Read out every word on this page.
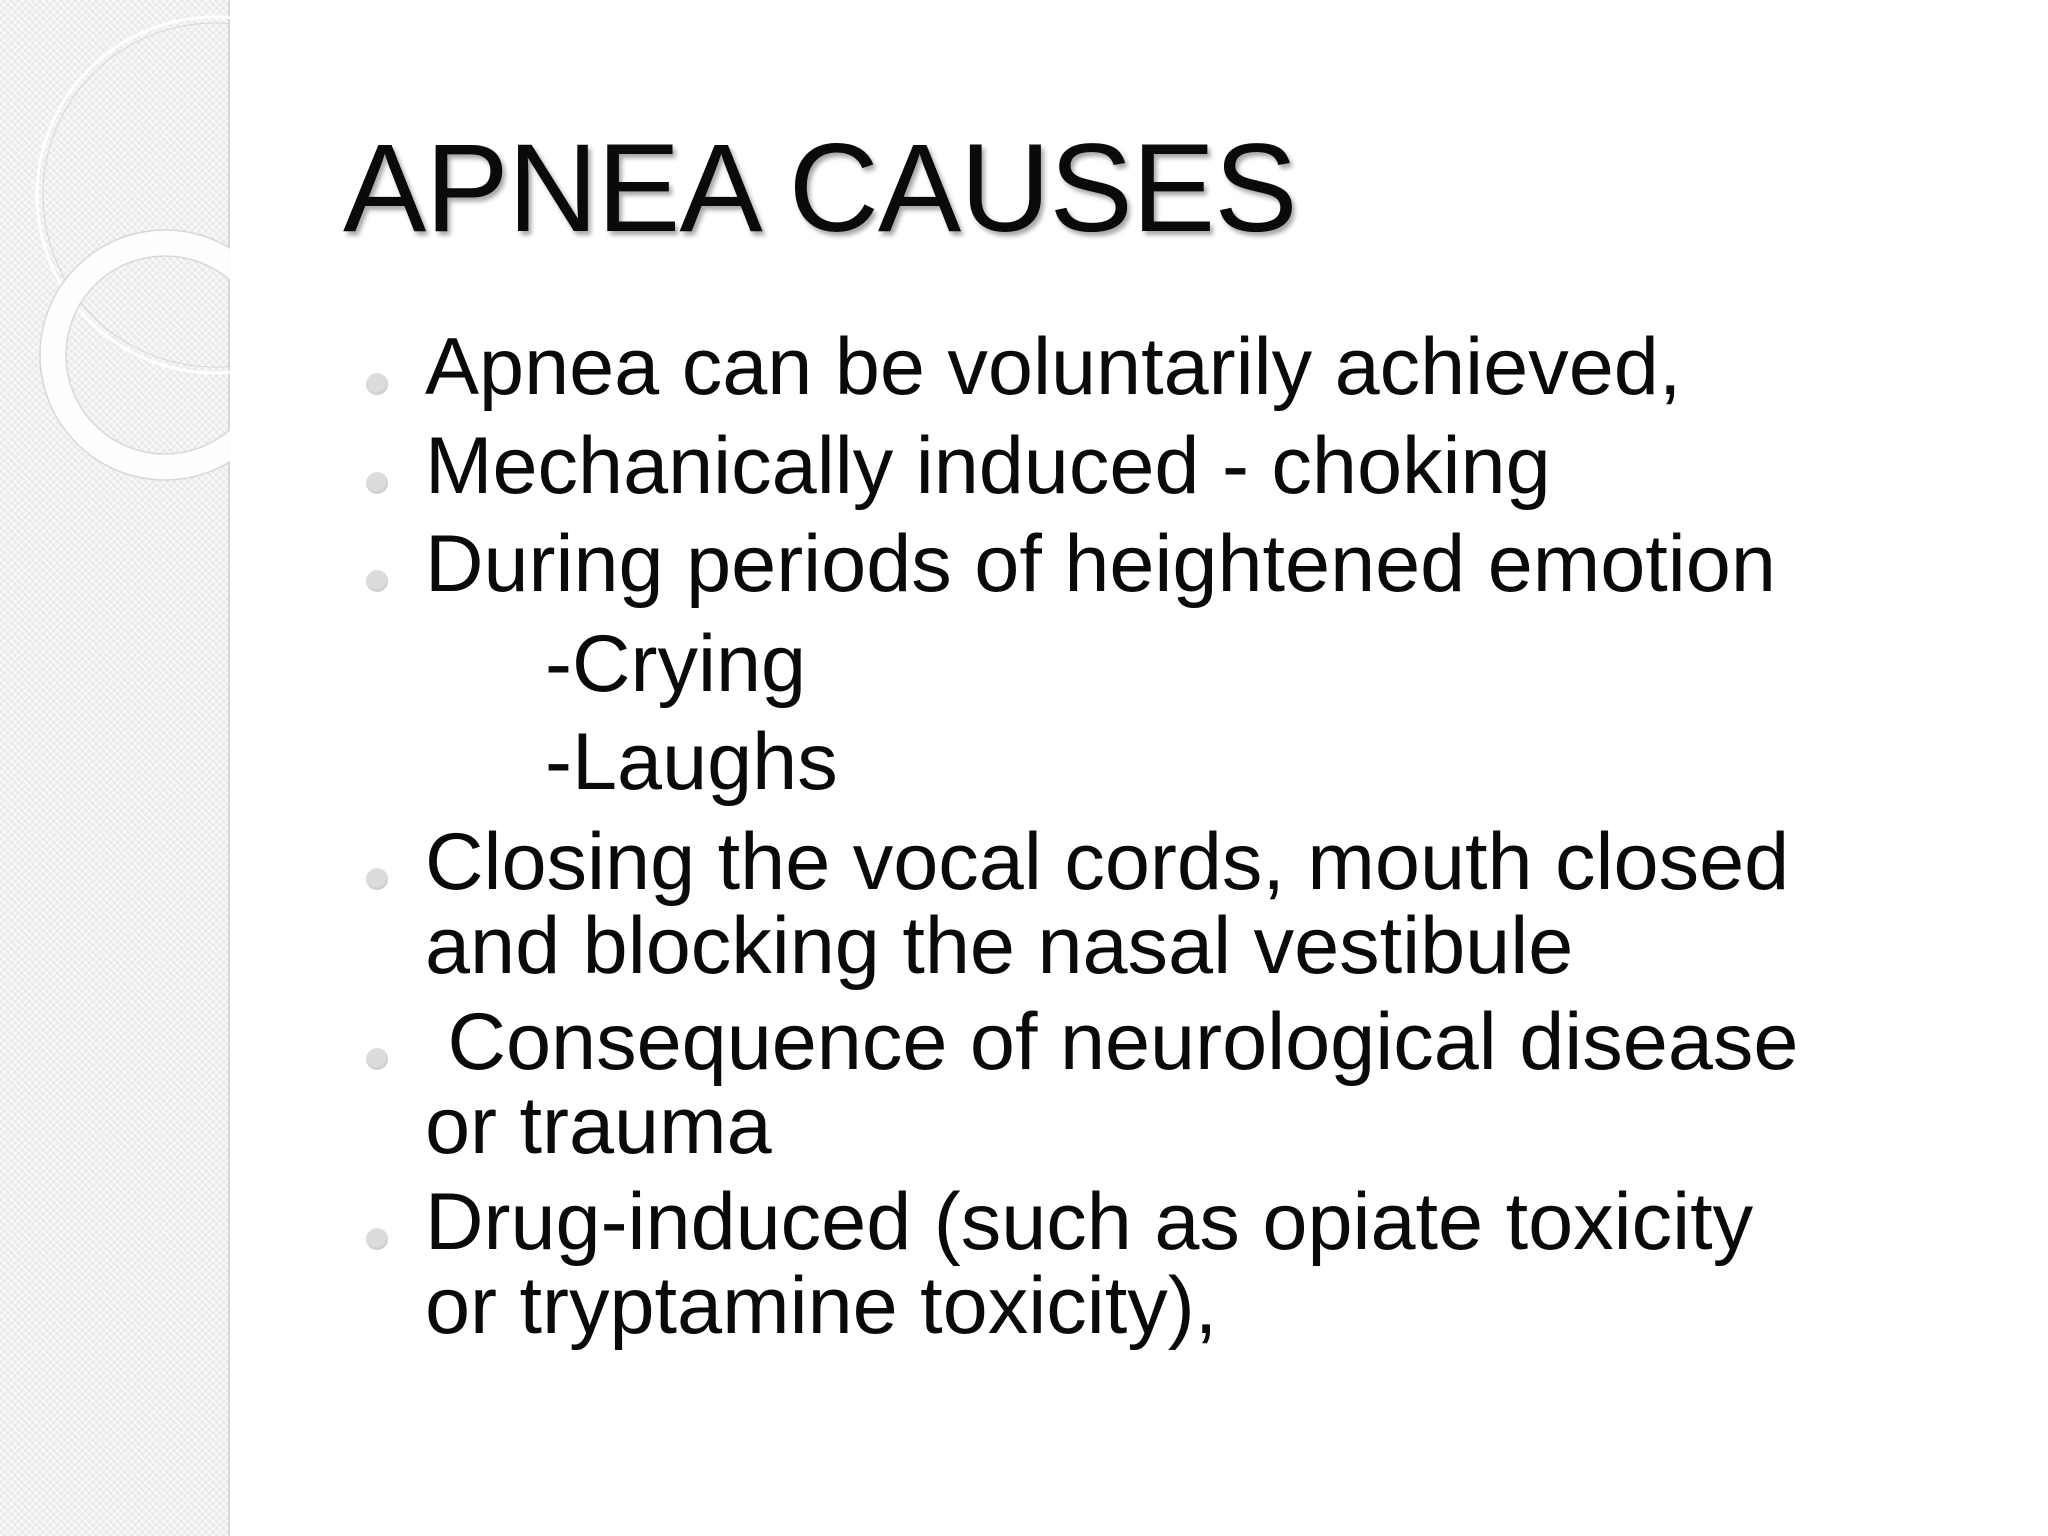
APNEA CAUSES
Apnea can be voluntarily achieved,
Mechanically induced - choking
During periods of heightened emotion
-Crying
-Laughs
Closing the vocal cords, mouth closed
and blocking the nasal vestibule
Consequence of neurological disease
or trauma
Drug-induced (such as opiate toxicity
or tryptamine toxicity),
